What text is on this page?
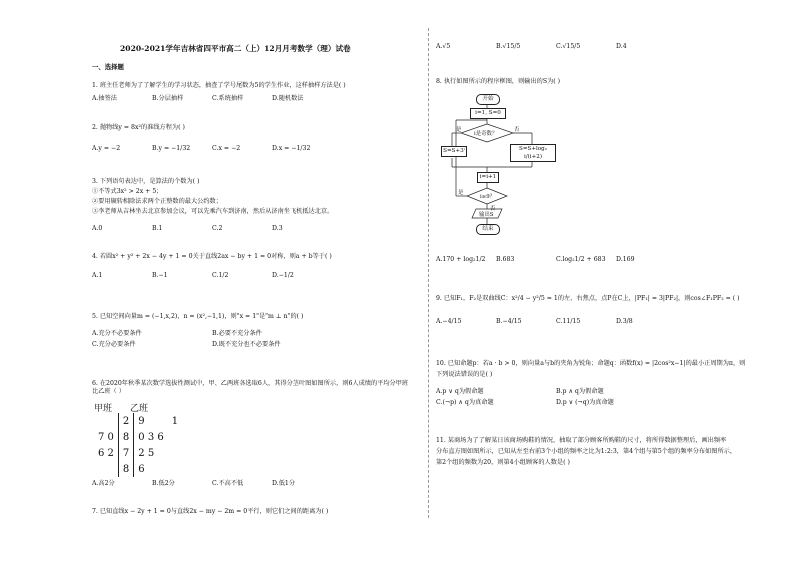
2020-2021学年吉林省四平市高二（上）12月月考数学（理）试卷
一、选择题
1. 班主任老师为了了解学生的学习状态，抽查了学号尾数为5的学生作业，这样抽样方法是( )
A.抽签法	B.分层抽样	C.系统抽样	D.随机数法
2. 抛物线y = 8x²的准线方程为( )
A.y = −2	B.y = −1/32	C.x = −2	D.x = −1/32
3. 下列语句表达中，是算法的个数为( )
①不等式3x² > 2x + 5；
②要用辗转相除法求两个正整数的最大公约数；
③李老师从吉林坐去北京参加会议，可以先乘汽车到济南，然后从济南坐飞机抵达北京。
A.0	B.1	C.2	D.3
4. 若圆x² + y² + 2x − 4y + 1 = 0关于直线2ax − by + 1 = 0对称，则a + b等于( )
A.1	B.−1	C.1/2	D.−1/2
5. 已知空间向量m = (−1,x,2)，n = (x²,−1,1)，则"x = 1"是"m ⊥ n"的( )
A.充分不必要条件	B.必要不充分条件
C.充分必要条件	D.既不充分也不必要条件
6. 在2020年秋季某次数学选拔性测试中，甲、乙两班各选取6人，其得分茎叶图如图所示，则6人成绩的平均分甲班比乙班（ ）
甲班 乙班
	2	9	1
7 0	8	0 3 6	
6 2	7	2 5	
	8	6	
A.高2分	B.低2分	C.不高不低	D.低1分
7. 已知直线x − 2y + 1 = 0与直线2x − my − 2m = 0平行，则它们之间的距离为( )
A.√5	B.√15/5	C.√15/5	D.4
8. 执行如图所示的程序框图，则输出的S为( )
开始
i=1, S=0
i是奇数？
是	否
S=S+3ⁱ	S=S+log₂ i/(i+2)
i=i+1
i≥9？
是
否
输出S
结束
A.170 + log₂1/2 B.683	C.log₂1/2 + 683 D.169
9. 已知F₁，F₂是双曲线C：x²/4 − y²/5 = 1的左、右焦点，点P在C上，|PF₁| = 3|PF₂|，则cos∠F₁PF₂ = ( )
A.−4/15	B.−4/15	C.11/15	D.3/8
10. 已知命题p：若a · b > 0，则向量a与b的夹角为锐角；命题q：函数f(x) = |2cos²x−1|的最小正周期为π，则
下列说法错误的是( )
A.p ∨ q为假命题	B.p ∧ q为假命题
C.(¬p) ∧ q为真命题	D.p ∨ (¬q)为真命题
11. 某商场为了了解某日该商场购鞋的情况，抽取了部分顾客所购鞋的尺寸，将所得数据整理后，画出频率
分布直方图如图所示，已知从左至右前3个小组的频率之比为1:2:3，第4个组与第5个组的频率分布如图所示，
第2个组的频数为20，则第4小组顾客的人数是( )
